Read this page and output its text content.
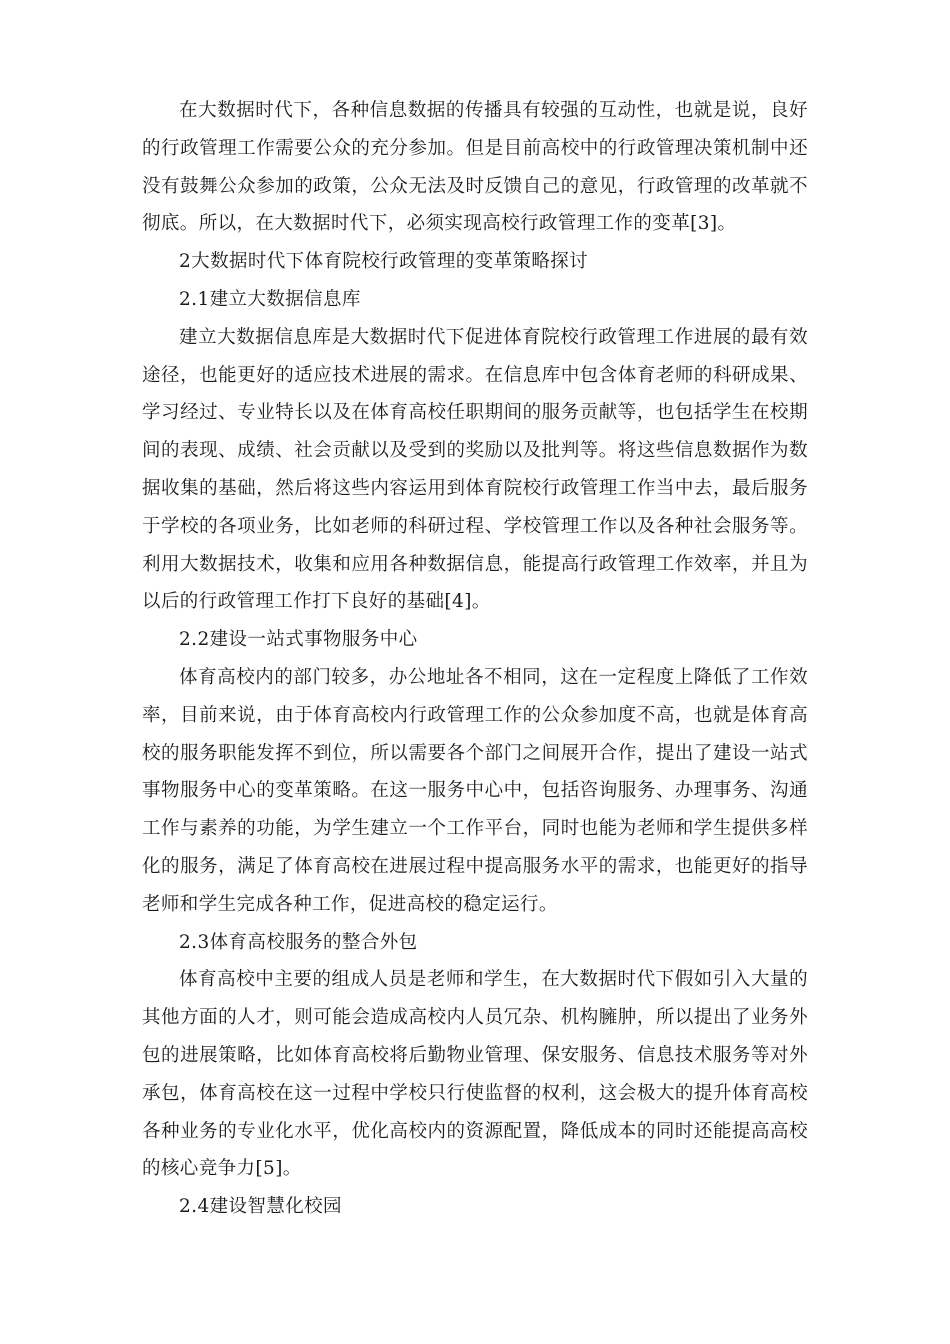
在大数据时代下，各种信息数据的传播具有较强的互动性，也就是说，良好的行政管理工作需要公众的充分参加。但是目前高校中的行政管理决策机制中还没有鼓舞公众参加的政策，公众无法及时反馈自己的意见，行政管理的改革就不彻底。所以，在大数据时代下，必须实现高校行政管理工作的变革[3]。

2大数据时代下体育院校行政管理的变革策略探讨

2.1建立大数据信息库

建立大数据信息库是大数据时代下促进体育院校行政管理工作进展的最有效途径，也能更好的适应技术进展的需求。在信息库中包含体育老师的科研成果、学习经过、专业特长以及在体育高校任职期间的服务贡献等，也包括学生在校期间的表现、成绩、社会贡献以及受到的奖励以及批判等。将这些信息数据作为数据收集的基础，然后将这些内容运用到体育院校行政管理工作当中去，最后服务于学校的各项业务，比如老师的科研过程、学校管理工作以及各种社会服务等。利用大数据技术，收集和应用各种数据信息，能提高行政管理工作效率，并且为以后的行政管理工作打下良好的基础[4]。

2.2建设一站式事物服务中心

体育高校内的部门较多，办公地址各不相同，这在一定程度上降低了工作效率，目前来说，由于体育高校内行政管理工作的公众参加度不高，也就是体育高校的服务职能发挥不到位，所以需要各个部门之间展开合作，提出了建设一站式事物服务中心的变革策略。在这一服务中心中，包括咨询服务、办理事务、沟通工作与素养的功能，为学生建立一个工作平台，同时也能为老师和学生提供多样化的服务，满足了体育高校在进展过程中提高服务水平的需求，也能更好的指导老师和学生完成各种工作，促进高校的稳定运行。

2.3体育高校服务的整合外包

体育高校中主要的组成人员是老师和学生，在大数据时代下假如引入大量的其他方面的人才，则可能会造成高校内人员冗杂、机构臃肿，所以提出了业务外包的进展策略，比如体育高校将后勤物业管理、保安服务、信息技术服务等对外承包，体育高校在这一过程中学校只行使监督的权利，这会极大的提升体育高校各种业务的专业化水平，优化高校内的资源配置，降低成本的同时还能提高高校的核心竞争力[5]。

2.4建设智慧化校园
